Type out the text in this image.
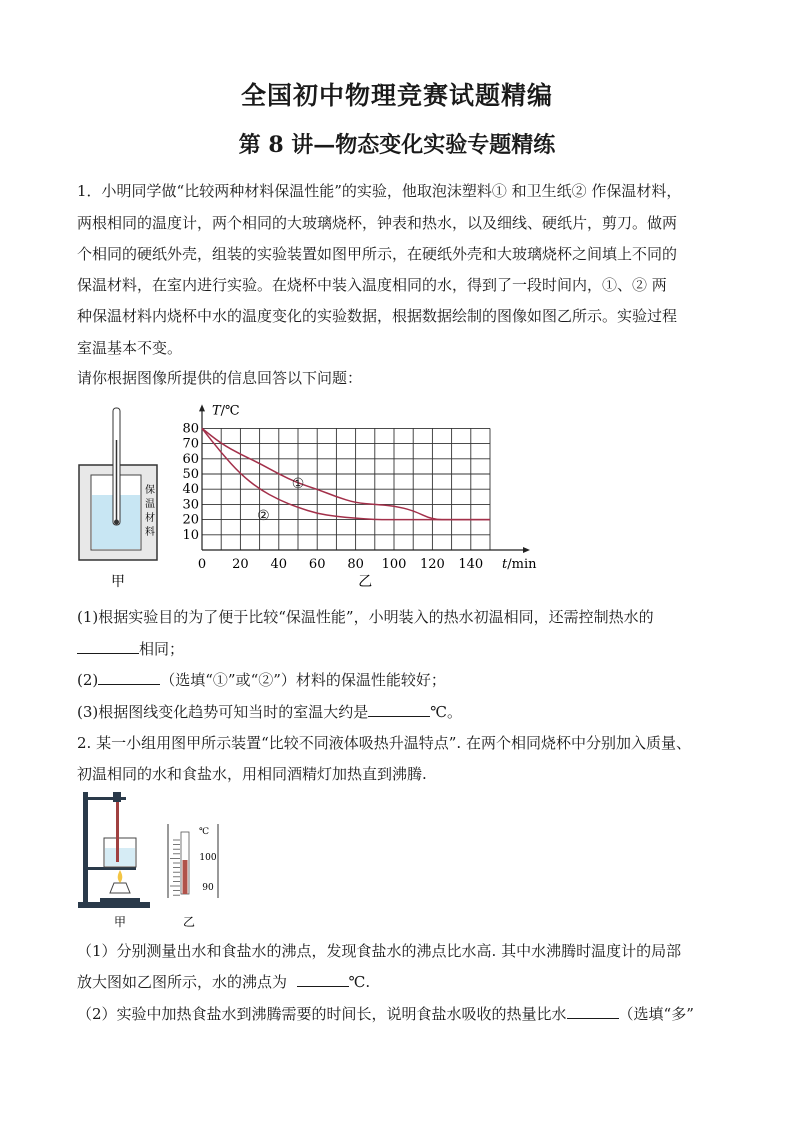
全国初中物理竞赛试题精编
第 8 讲—物态变化实验专题精练
1．小明同学做“比较两种材料保温性能”的实验，他取泡沫塑料① 和卫生纸② 作保温材料，
两根相同的温度计，两个相同的大玻璃烧杯，钟表和热水，以及细线、硬纸片，剪刀。做两
个相同的硬纸外壳，组装的实验装置如图甲所示，在硬纸外壳和大玻璃烧杯之间填上不同的
保温材料，在室内进行实验。在烧杯中装入温度相同的水，得到了一段时间内，①、② 两
种保温材料内烧杯中水的温度变化的实验数据，根据数据绘制的图像如图乙所示。实验过程
室温基本不变。
请你根据图像所提供的信息回答以下问题：
保
温
材
料
甲
10
20
30
40
50
60
70
80
0 20 40 60 80 100 120 140
T/℃
t/min
乙
①
②
(1)根据实验目的为了便于比较“保温性能”，小明装入的热水初温相同，还需控制热水的
相同；
(2)	（选填“①”或“②”）材料的保温性能较好；
(3)根据图线变化趋势可知当时的室温大约是	℃。
2. 某一小组用图甲所示装置“比较不同液体吸热升温特点”. 在两个相同烧杯中分别加入质量、
初温相同的水和食盐水，用相同酒精灯加热直到沸腾.
甲
℃
100
90
乙
（1）分别测量出水和食盐水的沸点，发现食盐水的沸点比水高. 其中水沸腾时温度计的局部
放大图如乙图所示，水的沸点为	℃.
（2）实验中加热食盐水到沸腾需要的时间长，说明食盐水吸收的热量比水	（选填“多”
